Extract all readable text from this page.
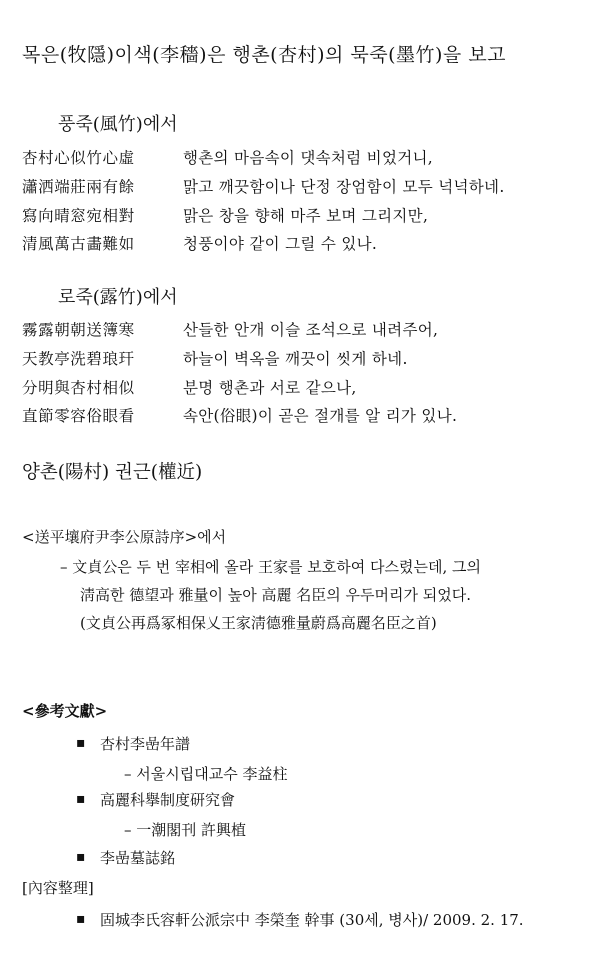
목은(牧隱)이색(李穡)은 행촌(杏村)의 묵죽(墨竹)을 보고
풍죽(風竹)에서
杏村心似竹心虛	행촌의 마음속이 댓속처럼 비었거니,
瀟洒端莊兩有餘	맑고 깨끗함이나 단정 장엄함이 모두 넉넉하네.
寫向晴窓宛相對	맑은 창을 향해 마주 보며 그리지만,
清風萬古畵難如	청풍이야 같이 그릴 수 있나.
로죽(露竹)에서
霧露朝朝送簿寒	산들한 안개 이슬 조석으로 내려주어,
天教亭洗碧琅玕	하늘이 벽옥을 깨끗이 씻게 하네.
分明與杏村相似	분명 행촌과 서로 같으나,
直節零容俗眼看	속안(俗眼)이 곧은 절개를 알 리가 있나.
양촌(陽村) 권근(權近)
<送平壤府尹李公原詩序>에서
– 文貞公은 두 번 宰相에 올라 王家를 보호하여 다스렸는데, 그의
淸高한 德望과 雅量이 높아 高麗 名臣의 우두머리가 되었다.
(文貞公再爲冢相保乂王家淸德雅量蔚爲高麗名臣之首)
<參考文獻>
▪ 杏村李嵒年譜
– 서울시립대교수 李益柱
▪ 高麗科擧制度研究會
– 一潮閣刊 許興植
▪ 李嵒墓誌銘
[內容整理]
▪ 固城李氏容軒公派宗中 李榮奎 幹事 (30세, 병사)/ 2009. 2. 17.
